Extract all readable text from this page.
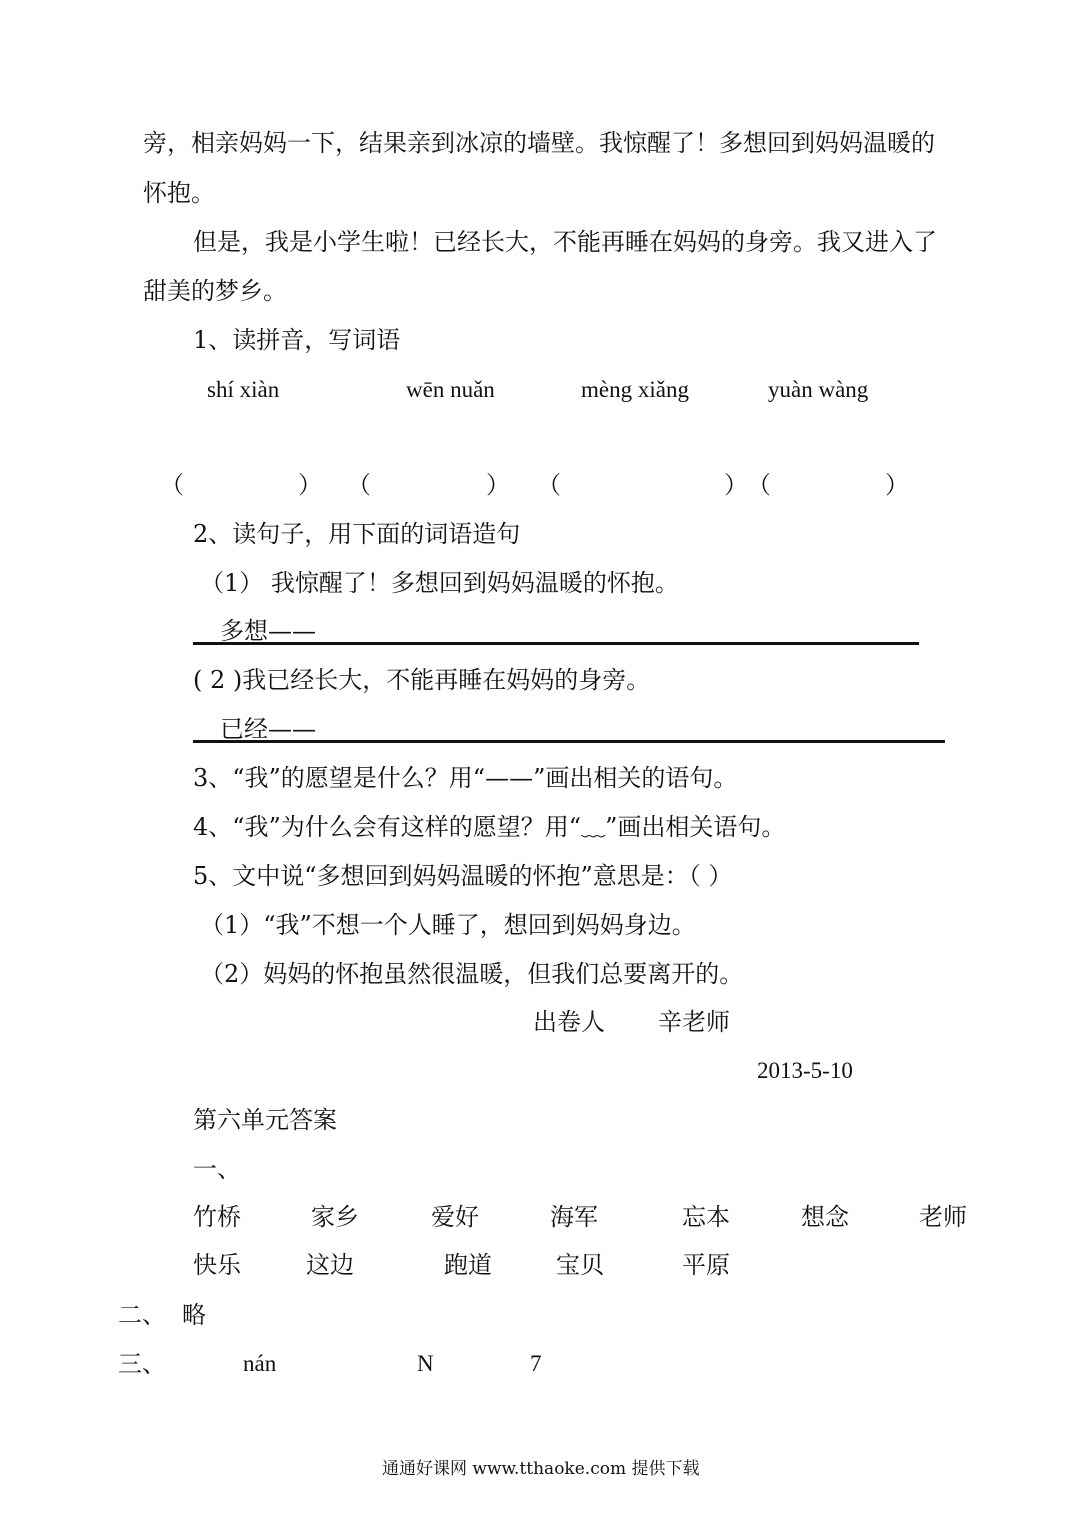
旁，相亲妈妈一下，结果亲到冰凉的墙壁。我惊醒了！多想回到妈妈温暖的
怀抱。
但是，我是小学生啦！已经长大，不能再睡在妈妈的身旁。我又进入了
甜美的梦乡。
1、读拼音，写词语
shí xiàn	wēn nuǎn	mèng xiǎng	yuàn wàng
（	） （	） （	） （	）
2、读句子，用下面的词语造句
（1） 我惊醒了！多想回到妈妈温暖的怀抱。
多想——
( 2 )我已经长大，不能再睡在妈妈的身旁。
已经——
3、“我”的愿望是什么？用“——”画出相关的语句。
4、“我”为什么会有这样的愿望？用“﹏”画出相关语句。
5、文中说“多想回到妈妈温暖的怀抱”意思是：（ ）
（1）“我”不想一个人睡了，想回到妈妈身边。
（2）妈妈的怀抱虽然很温暖，但我们总要离开的。
出卷人 辛老师
2013-5-10
第六单元答案
一、
竹桥	家乡	爱好	海军	忘本	想念	老师
快乐	这边	跑道	宝贝	平原
二、 略
三、	nán	N	7
通通好课网 www.tthaoke.com 提供下载
